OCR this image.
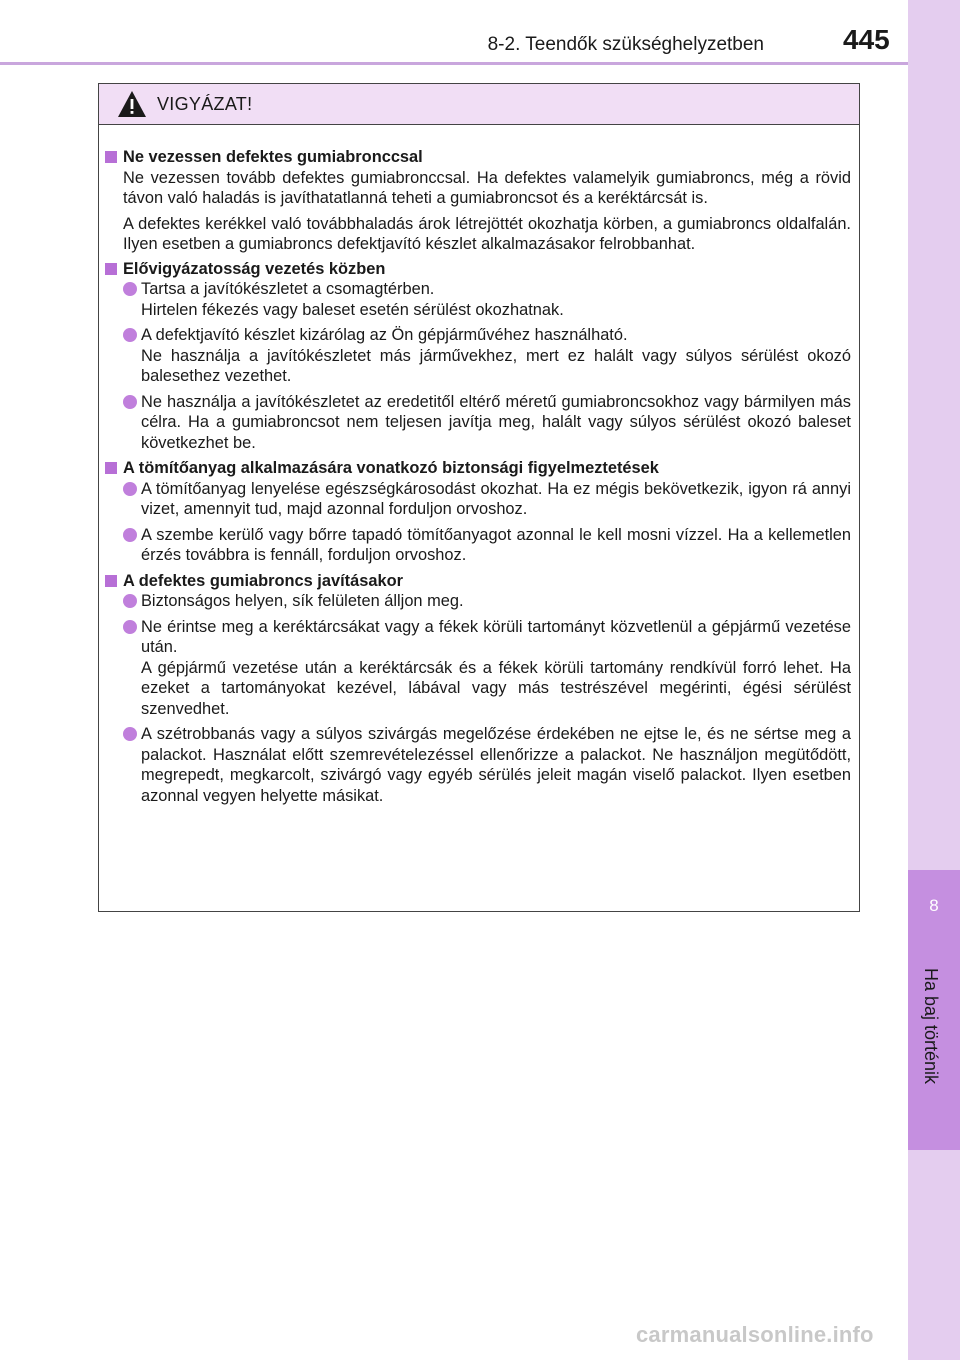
8
Ha baj történik
8-2. Teendők szükséghelyzetben	445
VIGYÁZAT!
Ne vezessen defektes gumiabronccsal
Ne vezessen tovább defektes gumiabronccsal. Ha defektes valamelyik gumiabroncs, még a rövid távon való haladás is javíthatatlanná teheti a gumiabroncsot és a keréktárcsát is.
A defektes kerékkel való továbbhaladás árok létrejöttét okozhatja körben, a gumiabroncs oldalfalán. Ilyen esetben a gumiabroncs defektjavító készlet alkalmazásakor felrobbanhat.
Elővigyázatosság vezetés közben
Tartsa a javítókészletet a csomagtérben.
Hirtelen fékezés vagy baleset esetén sérülést okozhatnak.
A defektjavító készlet kizárólag az Ön gépjárművéhez használható.
Ne használja a javítókészletet más járművekhez, mert ez halált vagy súlyos sérülést okozó balesethez vezethet.
Ne használja a javítókészletet az eredetitől eltérő méretű gumiabroncsokhoz vagy bármilyen más célra. Ha a gumiabroncsot nem teljesen javítja meg, halált vagy súlyos sérülést okozó baleset következhet be.
A tömítőanyag alkalmazására vonatkozó biztonsági figyelmeztetések
A tömítőanyag lenyelése egészségkárosodást okozhat. Ha ez mégis bekövetkezik, igyon rá annyi vizet, amennyit tud, majd azonnal forduljon orvoshoz.
A szembe kerülő vagy bőrre tapadó tömítőanyagot azonnal le kell mosni vízzel. Ha a kellemetlen érzés továbbra is fennáll, forduljon orvoshoz.
A defektes gumiabroncs javításakor
Biztonságos helyen, sík felületen álljon meg.
Ne érintse meg a keréktárcsákat vagy a fékek körüli tartományt közvetlenül a gépjármű vezetése után.
A gépjármű vezetése után a keréktárcsák és a fékek körüli tartomány rendkívül forró lehet. Ha ezeket a tartományokat kezével, lábával vagy más testrészével megérinti, égési sérülést szenvedhet.
A szétrobbanás vagy a súlyos szivárgás megelőzése érdekében ne ejtse le, és ne sértse meg a palackot. Használat előtt szemrevételezéssel ellenőrizze a palackot. Ne használjon megütődött, megrepedt, megkarcolt, szivárgó vagy egyéb sérülés jeleit magán viselő palackot. Ilyen esetben azonnal vegyen helyette másikat.
carmanualsonline.info
